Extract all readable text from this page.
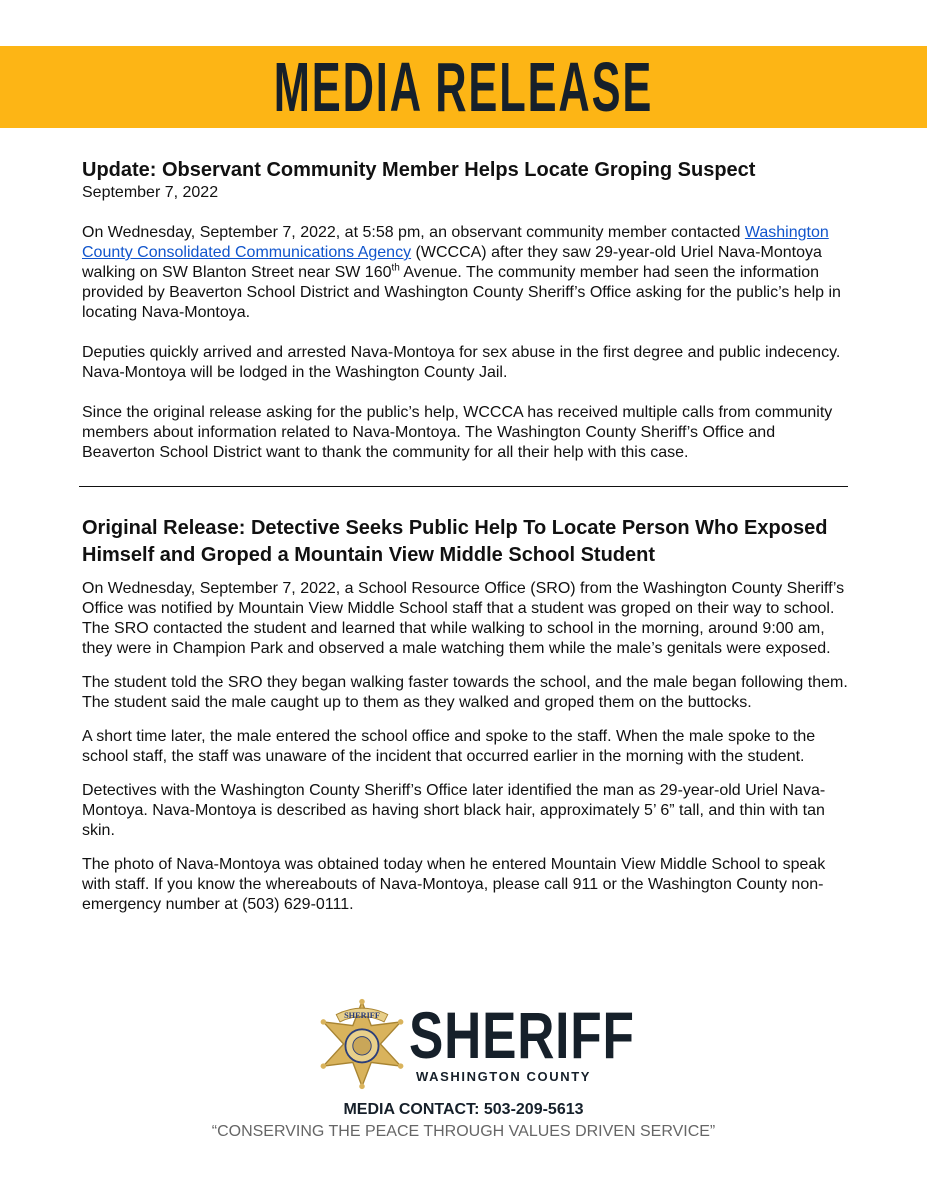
MEDIA RELEASE
Update: Observant Community Member Helps Locate Groping Suspect
September 7, 2022

On Wednesday, September 7, 2022, at 5:58 pm, an observant community member contacted Washington County Consolidated Communications Agency (WCCCA) after they saw 29-year-old Uriel Nava-Montoya walking on SW Blanton Street near SW 160th Avenue. The community member had seen the information provided by Beaverton School District and Washington County Sheriff’s Office asking for the public’s help in locating Nava-Montoya.

Deputies quickly arrived and arrested Nava-Montoya for sex abuse in the first degree and public indecency. Nava-Montoya will be lodged in the Washington County Jail.

Since the original release asking for the public’s help, WCCCA has received multiple calls from community members about information related to Nava-Montoya. The Washington County Sheriff’s Office and Beaverton School District want to thank the community for all their help with this case.

Original Release: Detective Seeks Public Help To Locate Person Who Exposed Himself and Groped a Mountain View Middle School Student

On Wednesday, September 7, 2022, a School Resource Office (SRO) from the Washington County Sheriff’s Office was notified by Mountain View Middle School staff that a student was groped on their way to school. The SRO contacted the student and learned that while walking to school in the morning, around 9:00 am, they were in Champion Park and observed a male watching them while the male’s genitals were exposed.

The student told the SRO they began walking faster towards the school, and the male began following them. The student said the male caught up to them as they walked and groped them on the buttocks.

A short time later, the male entered the school office and spoke to the staff. When the male spoke to the school staff, the staff was unaware of the incident that occurred earlier in the morning with the student.

Detectives with the Washington County Sheriff’s Office later identified the man as 29-year-old Uriel Nava-Montoya. Nava-Montoya is described as having short black hair, approximately 5’ 6” tall, and thin with tan skin.

The photo of Nava-Montoya was obtained today when he entered Mountain View Middle School to speak with staff. If you know the whereabouts of Nava-Montoya, please call 911 or the Washington County non-emergency number at (503) 629-0111.

SHERIFF SHERIFF
WASHINGTON COUNTY
MEDIA CONTACT: 503-209-5613
“CONSERVING THE PEACE THROUGH VALUES DRIVEN SERVICE”
